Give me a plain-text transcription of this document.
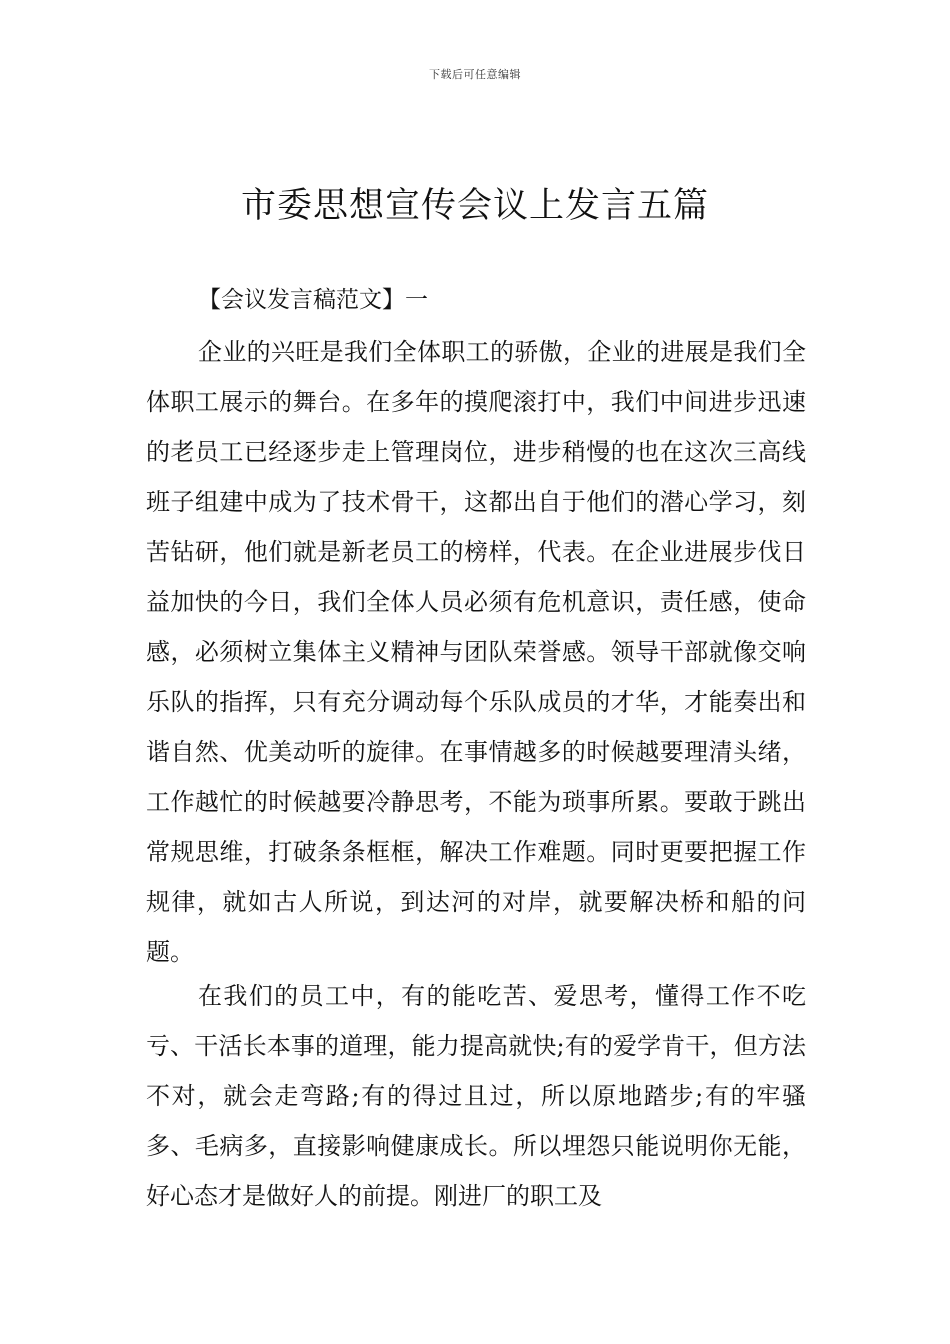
下载后可任意编辑
市委思想宣传会议上发言五篇

【会议发言稿范文】一

企业的兴旺是我们全体职工的骄傲，企业的进展是我们全体职工展示的舞台。在多年的摸爬滚打中，我们中间进步迅速的老员工已经逐步走上管理岗位，进步稍慢的也在这次三高线班子组建中成为了技术骨干，这都出自于他们的潜心学习，刻苦钻研，他们就是新老员工的榜样，代表。在企业进展步伐日益加快的今日，我们全体人员必须有危机意识，责任感，使命感，必须树立集体主义精神与团队荣誉感。领导干部就像交响乐队的指挥，只有充分调动每个乐队成员的才华，才能奏出和谐自然、优美动听的旋律。在事情越多的时候越要理清头绪，工作越忙的时候越要冷静思考，不能为琐事所累。要敢于跳出常规思维，打破条条框框，解决工作难题。同时更要把握工作规律，就如古人所说，到达河的对岸，就要解决桥和船的问题。

在我们的员工中，有的能吃苦、爱思考，懂得工作不吃亏、干活长本事的道理，能力提高就快;有的爱学肯干，但方法不对，就会走弯路;有的得过且过，所以原地踏步;有的牢骚多、毛病多，直接影响健康成长。所以埋怨只能说明你无能，好心态才是做好人的前提。刚进厂的职工及
